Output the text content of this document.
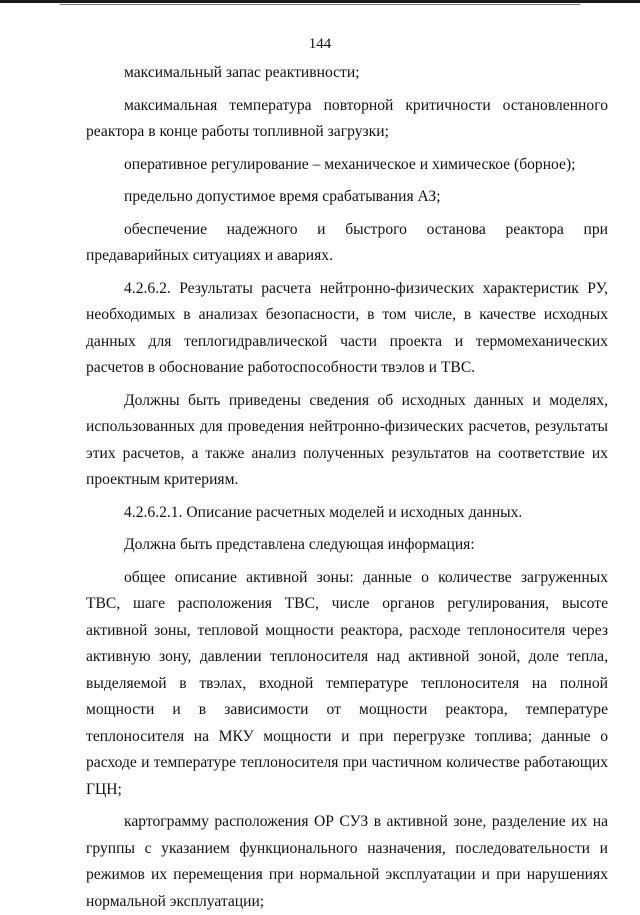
144

максимальный запас реактивности;

максимальная температура повторной критичности остановленного реактора в конце работы топливной загрузки;

оперативное регулирование – механическое и химическое (борное);

предельно допустимое время срабатывания АЗ;

обеспечение надежного и быстрого останова реактора при предаварийных ситуациях и авариях.

4.2.6.2. Результаты расчета нейтронно-физических характеристик РУ, необходимых в анализах безопасности, в том числе, в качестве исходных данных для теплогидравлической части проекта и термомеханических расчетов в обоснование работоспособности твэлов и ТВС.

Должны быть приведены сведения об исходных данных и моделях, использованных для проведения нейтронно-физических расчетов, результаты этих расчетов, а также анализ полученных результатов на соответствие их проектным критериям.

4.2.6.2.1. Описание расчетных моделей и исходных данных.

Должна быть представлена следующая информация:

общее описание активной зоны: данные о количестве загруженных ТВС, шаге расположения ТВС, числе органов регулирования, высоте активной зоны, тепловой мощности реактора, расходе теплоносителя через активную зону, давлении теплоносителя над активной зоной, доле тепла, выделяемой в твэлах, входной температуре теплоносителя на полной мощности и в зависимости от мощности реактора, температуре теплоносителя на МКУ мощности и при перегрузке топлива; данные о расходе и температуре теплоносителя при частичном количестве работающих ГЦН;

картограмму расположения ОР СУЗ в активной зоне, разделение их на группы с указанием функционального назначения, последовательности и режимов их перемещения при нормальной эксплуатации и при нарушениях нормальной эксплуатации;
